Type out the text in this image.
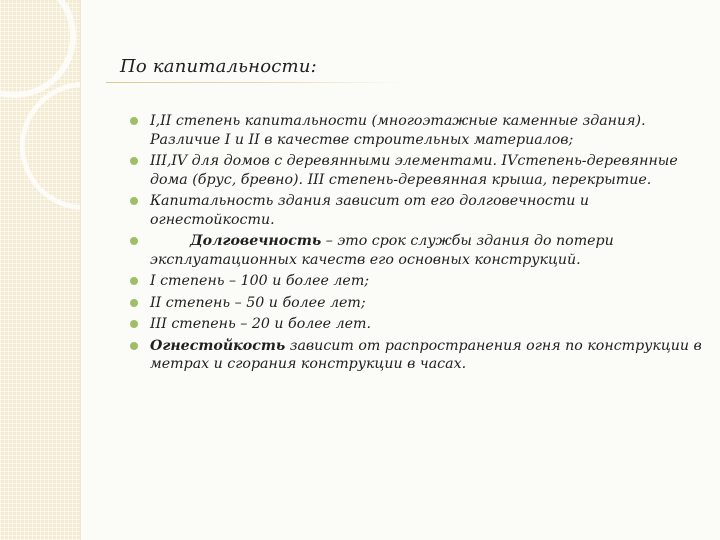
По капитальности:
I,II степень капитальности (многоэтажные каменные здания). Различие I и II в качестве строительных материалов;
III,IV для домов с деревянными элементами. IVстепень-деревянные дома (брус, бревно). III степень-деревянная крыша, перекрытие.
Капитальность здания зависит от его долговечности и огнестойкости.
Долговечность – это срок службы здания до потери эксплуатационных качеств его основных конструкций.
I степень – 100 и более лет;
II степень – 50 и более лет;
III степень – 20 и более лет.
Огнестойкость зависит от распространения огня по конструкции в метрах и сгорания конструкции в часах.
